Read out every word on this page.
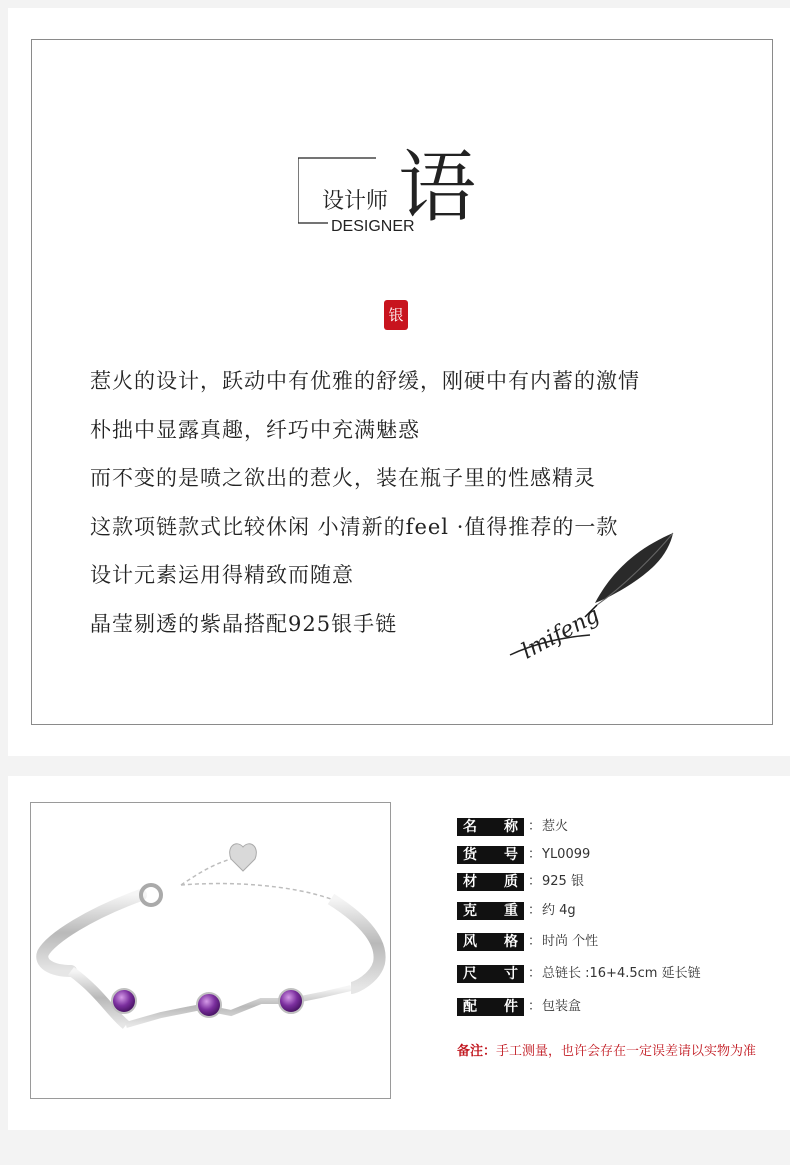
设计师
DESIGNER
语
银
惹火的设计，跃动中有优雅的舒缓，刚硬中有内蓄的激情
朴拙中显露真趣，纤巧中充满魅惑
而不变的是喷之欲出的惹火，装在瓶子里的性感精灵
这款项链款式比较休闲 小清新的feel ·值得推荐的一款
设计元素运用得精致而随意
晶莹剔透的紫晶搭配925银手链	lmifeng
名 称 ： 惹火
货 号 ： YL0099
材 质 ： 925 银
克 重 ： 约 4g
风 格 ： 时尚 个性
尺 寸 ： 总链长 :16+4.5cm 延长链
配 件 ： 包装盒
备注：手工测量，也许会存在一定误差请以实物为准
